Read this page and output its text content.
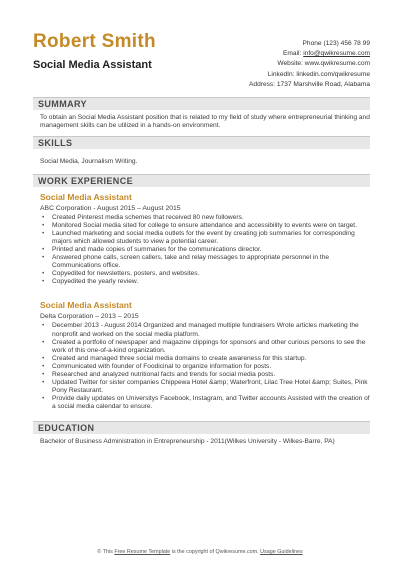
Robert Smith
Social Media Assistant
Phone (123) 456 78 99
Email: info@qwikresume.com
Website: www.qwikresume.com
LinkedIn: linkedin.com/qwikresume
Address: 1737 Marshville Road, Alabama
SUMMARY
To obtain an Social Media Assistant position that is related to my field of study where entrepreneurial thinking and management skills can be utilized in a hands-on environment.
SKILLS
Social Media, Journalism Writing.
WORK EXPERIENCE
Social Media Assistant
ABC Corporation - August 2015 – August 2015
• Created Pinterest media schemes that received 80 new followers.
• Monitored Social media sited for college to ensure attendance and accessibility to events were on target.
• Launched marketing and social media outlets for the event by creating job summaries for corresponding majors which allowed students to view a potential career.
• Printed and made copies of summaries for the communications director.
• Answered phone calls, screen callers, take and relay messages to appropriate personnel in the Communications office.
• Copyedited for newsletters, posters, and websites.
• Copyedited the yearly review.
Social Media Assistant
Delta Corporation – 2013 – 2015
• December 2013 - August 2014 Organized and managed multiple fundraisers Wrote articles marketing the nonprofit and worked on the social media platform.
• Created a portfolio of newspaper and magazine clippings for sponsors and other curious persons to see the work of this one-of-a-kind organization.
• Created and managed three social media domains to create awareness for this startup.
• Communicated with founder of Foodicinal to organize information for posts.
• Researched and analyzed nutritional facts and trends for social media posts.
• Updated Twitter for sister companies Chippewa Hotel &amp; Waterfront, Lilac Tree Hotel &amp; Suites, Pink Pony Restaurant.
• Provide daily updates on Universitys Facebook, Instagram, and Twitter accounts Assisted with the creation of a social media calendar to ensure.
EDUCATION
Bachelor of Business Administration in Entrepreneurship - 2011(Wilkes University - Wilkes-Barre, PA)
© This Free Resume Template is the copyright of Qwikresume.com. Usage Guidelines
